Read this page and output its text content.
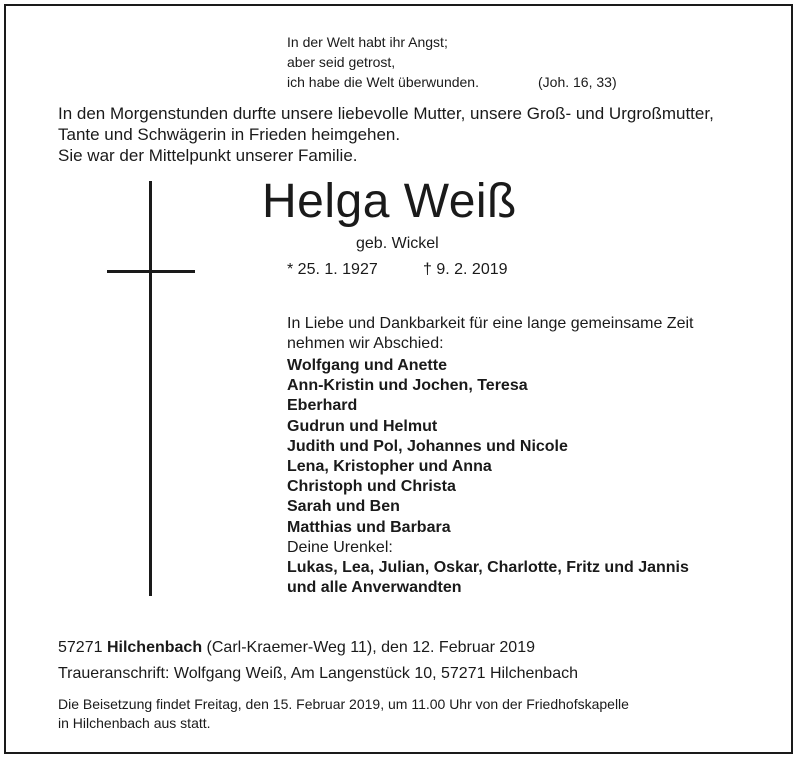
In der Welt habt ihr Angst;
aber seid getrost,
ich habe die Welt überwunden.	(Joh. 16, 33)
In den Morgenstunden durfte unsere liebevolle Mutter, unsere Groß- und Urgroßmutter,
Tante und Schwägerin in Frieden heimgehen.
Sie war der Mittelpunkt unserer Familie.
Helga Weiß
geb. Wickel
* 25. 1. 1927	† 9. 2. 2019
In Liebe und Dankbarkeit für eine lange gemeinsame Zeit
nehmen wir Abschied:
Wolfgang und Anette
Ann-Kristin und Jochen, Teresa
Eberhard
Gudrun und Helmut
Judith und Pol, Johannes und Nicole
Lena, Kristopher und Anna
Christoph und Christa
Sarah und Ben
Matthias und Barbara
Deine Urenkel:
Lukas, Lea, Julian, Oskar, Charlotte, Fritz und Jannis
und alle Anverwandten
57271 Hilchenbach (Carl-Kraemer-Weg 11), den 12. Februar 2019
Traueranschrift: Wolfgang Weiß, Am Langenstück 10, 57271 Hilchenbach
Die Beisetzung findet Freitag, den 15. Februar 2019, um 11.00 Uhr von der Friedhofskapelle
in Hilchenbach aus statt.
